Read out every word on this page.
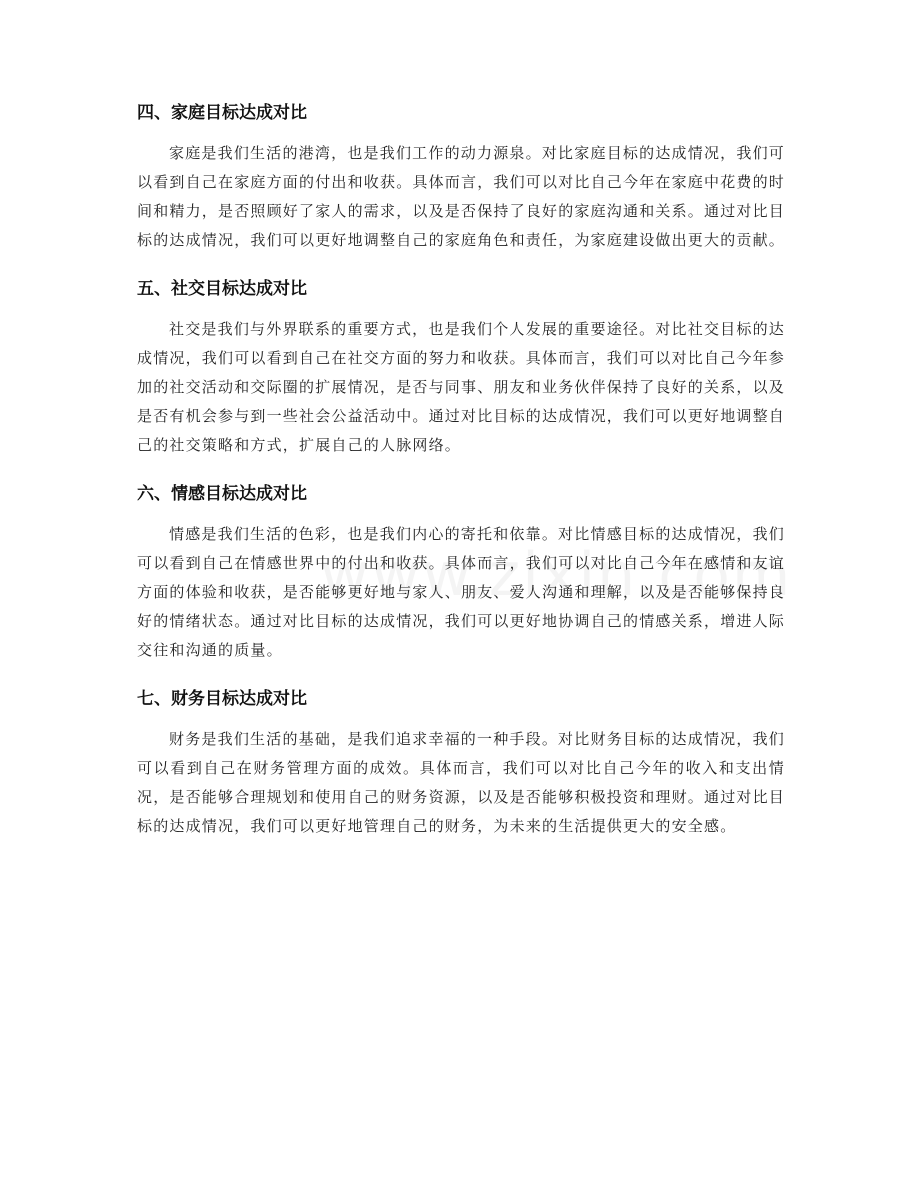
四、家庭目标达成对比

家庭是我们生活的港湾，也是我们工作的动力源泉。对比家庭目标的达成情况，我们可以看到自己在家庭方面的付出和收获。具体而言，我们可以对比自己今年在家庭中花费的时间和精力，是否照顾好了家人的需求，以及是否保持了良好的家庭沟通和关系。通过对比目标的达成情况，我们可以更好地调整自己的家庭角色和责任，为家庭建设做出更大的贡献。

五、社交目标达成对比

社交是我们与外界联系的重要方式，也是我们个人发展的重要途径。对比社交目标的达成情况，我们可以看到自己在社交方面的努力和收获。具体而言，我们可以对比自己今年参加的社交活动和交际圈的扩展情况，是否与同事、朋友和业务伙伴保持了良好的关系，以及是否有机会参与到一些社会公益活动中。通过对比目标的达成情况，我们可以更好地调整自己的社交策略和方式，扩展自己的人脉网络。

六、情感目标达成对比

情感是我们生活的色彩，也是我们内心的寄托和依靠。对比情感目标的达成情况，我们可以看到自己在情感世界中的付出和收获。具体而言，我们可以对比自己今年在感情和友谊方面的体验和收获，是否能够更好地与家人、朋友、爱人沟通和理解，以及是否能够保持良好的情绪状态。通过对比目标的达成情况，我们可以更好地协调自己的情感关系，增进人际交往和沟通的质量。

七、财务目标达成对比

财务是我们生活的基础，是我们追求幸福的一种手段。对比财务目标的达成情况，我们可以看到自己在财务管理方面的成效。具体而言，我们可以对比自己今年的收入和支出情况，是否能够合理规划和使用自己的财务资源，以及是否能够积极投资和理财。通过对比目标的达成情况，我们可以更好地管理自己的财务，为未来的生活提供更大的安全感。
